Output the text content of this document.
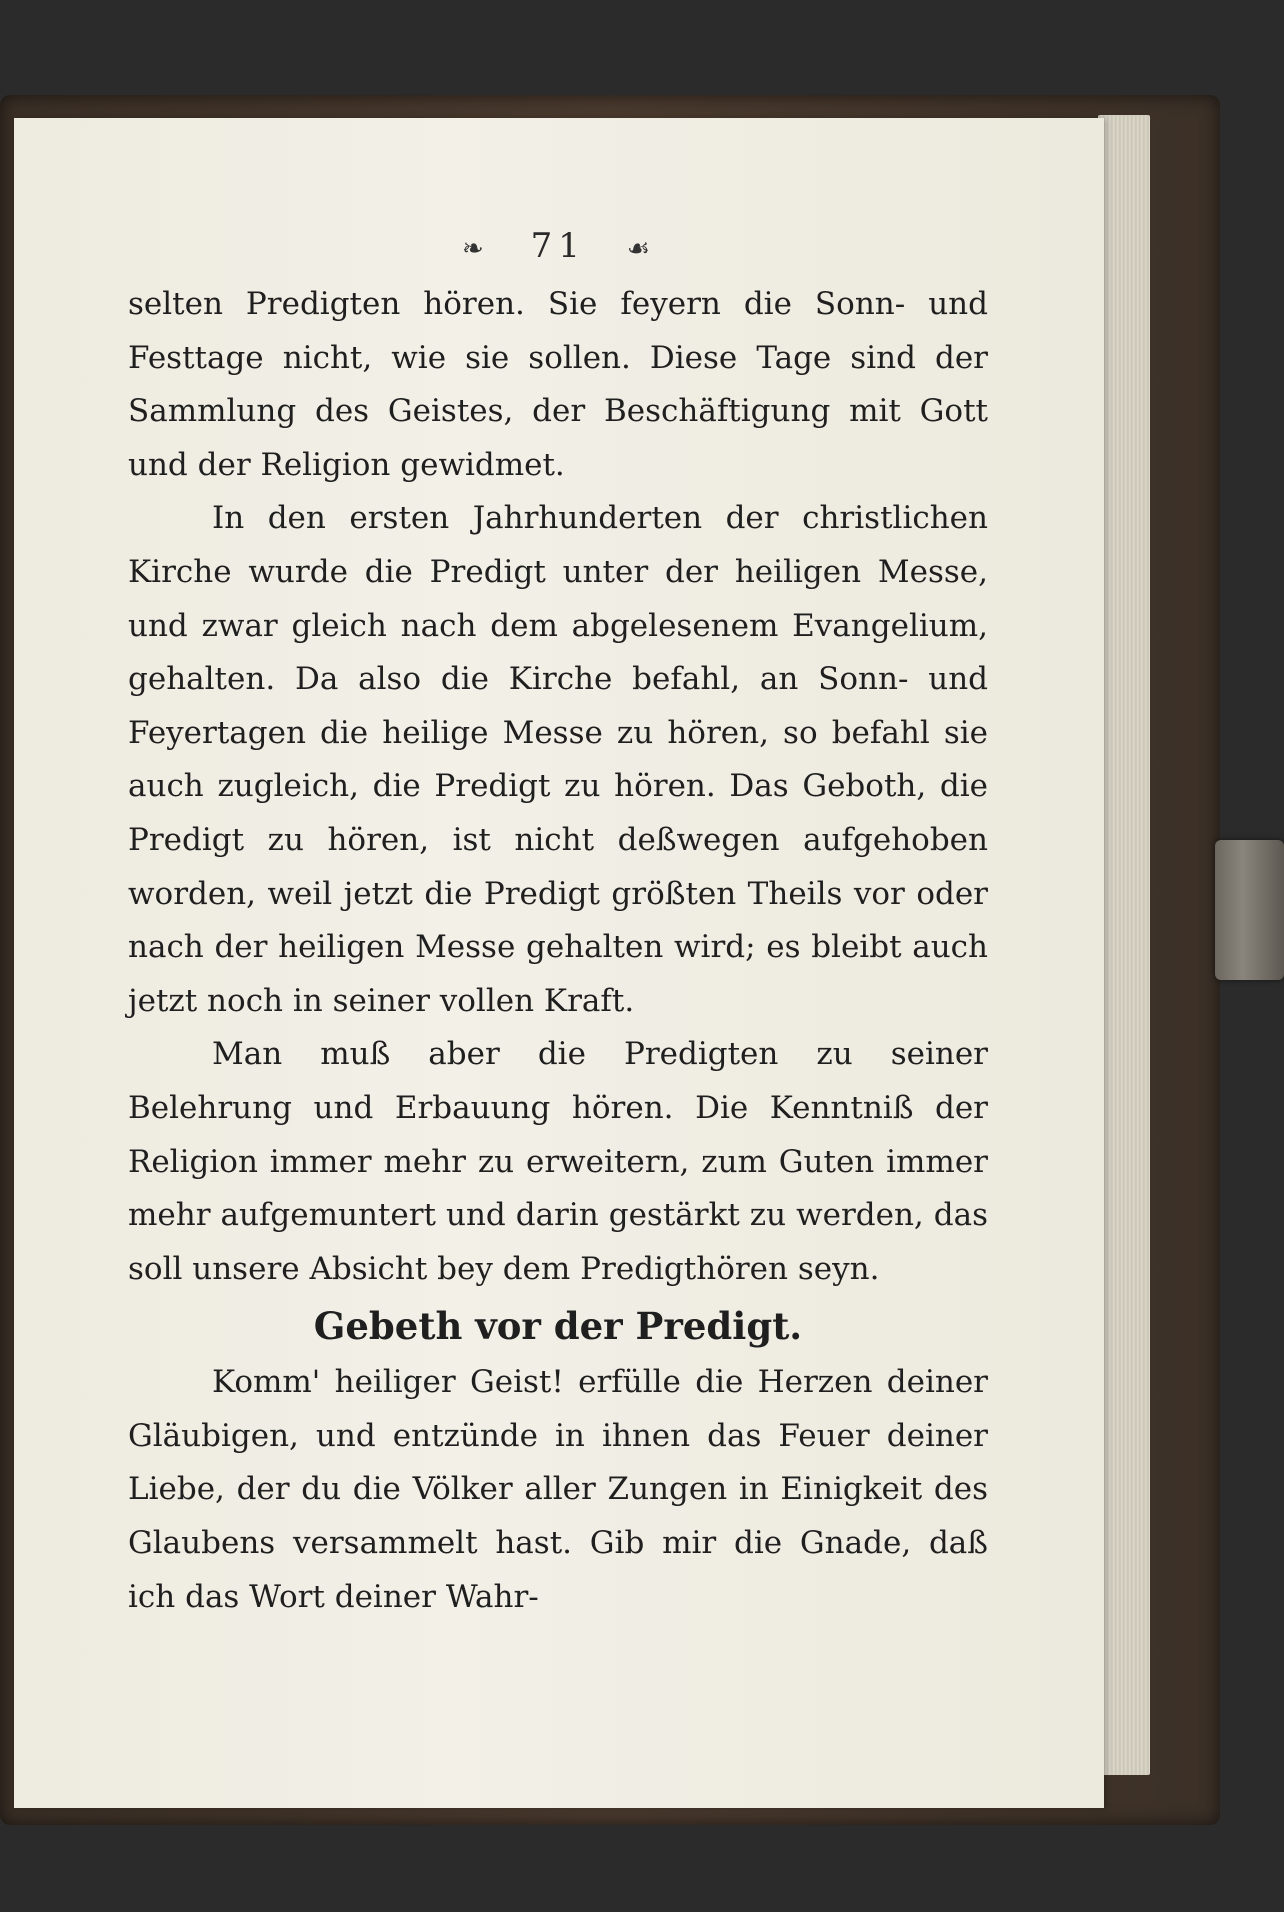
❧ 71 ☙

selten Predigten hören. Sie feyern die Sonn- und Festtage nicht, wie sie sollen. Diese Tage sind der Sammlung des Geistes, der Beschäftigung mit Gott und der Religion gewidmet.

In den ersten Jahrhunderten der christlichen Kirche wurde die Predigt unter der heiligen Messe, und zwar gleich nach dem abgelesenem Evangelium, gehalten. Da also die Kirche befahl, an Sonn- und Feyertagen die heilige Messe zu hören, so befahl sie auch zugleich, die Predigt zu hören. Das Geboth, die Predigt zu hören, ist nicht deßwegen aufgehoben worden, weil jetzt die Predigt größten Theils vor oder nach der heiligen Messe gehalten wird; es bleibt auch jetzt noch in seiner vollen Kraft.

Man muß aber die Predigten zu seiner Belehrung und Erbauung hören. Die Kenntniß der Religion immer mehr zu erweitern, zum Guten immer mehr aufgemuntert und darin gestärkt zu werden, das soll unsere Absicht bey dem Predigthören seyn.

Gebeth vor der Predigt.

Komm' heiliger Geist! erfülle die Herzen deiner Gläubigen, und entzünde in ihnen das Feuer deiner Liebe, der du die Völker aller Zungen in Einigkeit des Glaubens versammelt hast. Gib mir die Gnade, daß ich das Wort deiner Wahr-
